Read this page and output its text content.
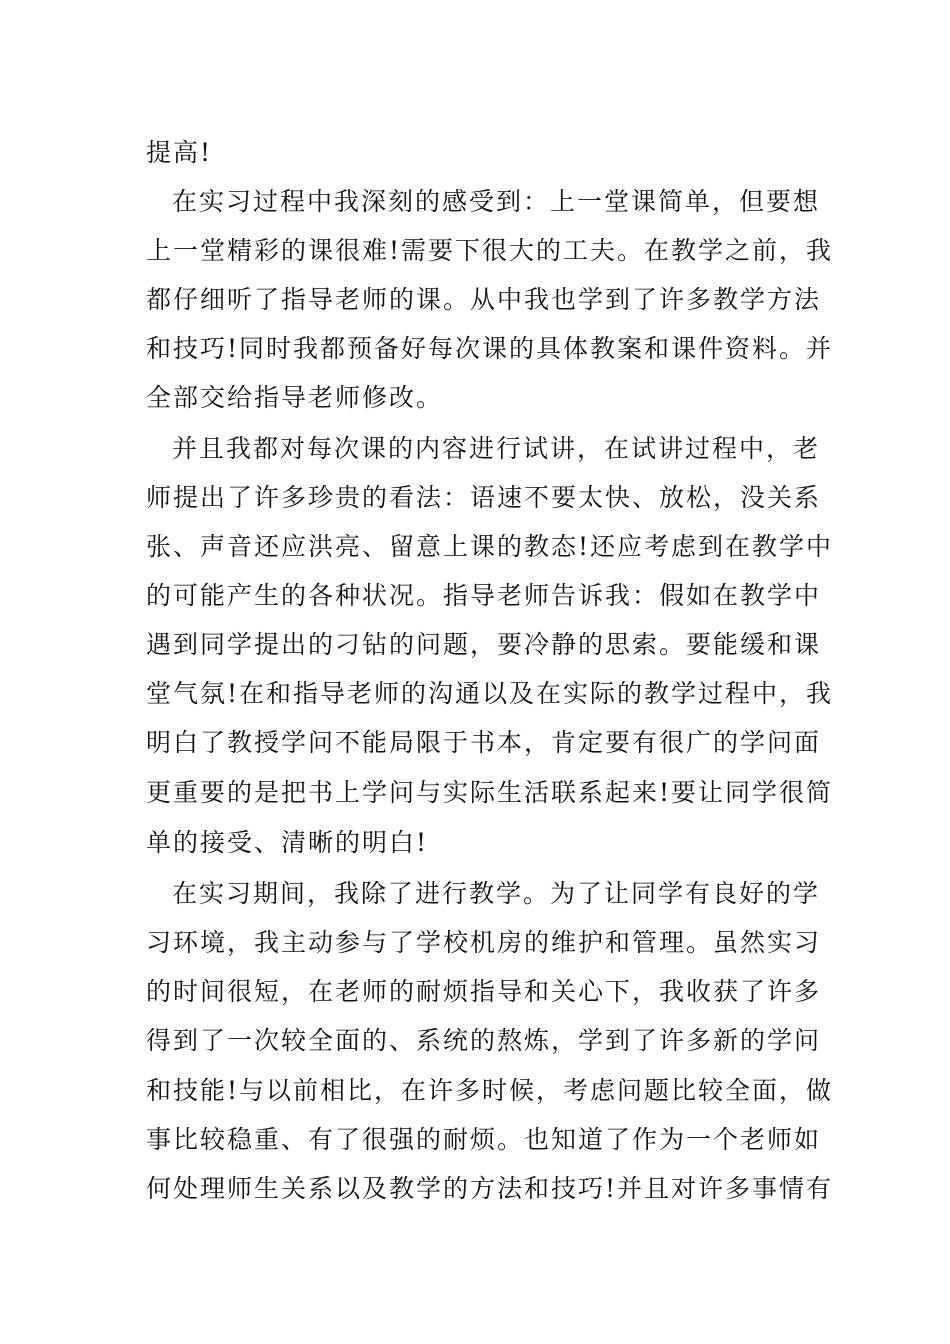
提高!
在实习过程中我深刻的感受到：上一堂课简单，但要想
上一堂精彩的课很难!需要下很大的工夫。在教学之前，我
都仔细听了指导老师的课。从中我也学到了许多教学方法
和技巧!同时我都预备好每次课的具体教案和课件资料。并
全部交给指导老师修改。
并且我都对每次课的内容进行试讲，在试讲过程中，老
师提出了许多珍贵的看法：语速不要太快、放松，没关系
张、声音还应洪亮、留意上课的教态!还应考虑到在教学中
的可能产生的各种状况。指导老师告诉我：假如在教学中
遇到同学提出的刁钻的问题，要冷静的思索。要能缓和课
堂气氛!在和指导老师的沟通以及在实际的教学过程中，我
明白了教授学问不能局限于书本，肯定要有很广的学问面
更重要的是把书上学问与实际生活联系起来!要让同学很简
单的接受、清晰的明白!
在实习期间，我除了进行教学。为了让同学有良好的学
习环境，我主动参与了学校机房的维护和管理。虽然实习
的时间很短，在老师的耐烦指导和关心下，我收获了许多
得到了一次较全面的、系统的熬炼，学到了许多新的学问
和技能!与以前相比，在许多时候，考虑问题比较全面，做
事比较稳重、有了很强的耐烦。也知道了作为一个老师如
何处理师生关系以及教学的方法和技巧!并且对许多事情有
